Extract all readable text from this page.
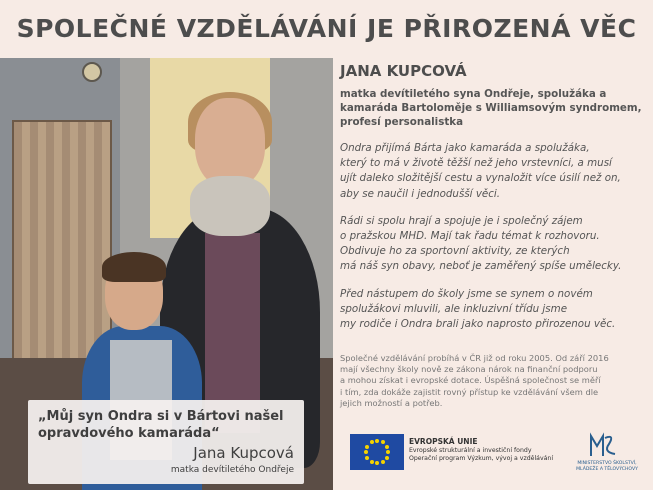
SPOLEČNÉ VZDĚLÁVÁNÍ JE PŘIROZENÁ VĚC
„Můj syn Ondra si v Bártovi našel opravdového kamaráda“
Jana Kupcová
matka devítiletého Ondřeje
JANA KUPCOVÁ
matka devítiletého syna Ondřeje, spolužáka a kamaráda Bartoloměje s Williamsovým syndromem, profesí personalistka
Ondra přijímá Bárta jako kamaráda a spolužáka,
který to má v životě těžší než jeho vrstevníci, a musí
ujít daleko složitější cestu a vynaložit více úsilí než on,
aby se naučil i jednodušší věci.
Rádi si spolu hrají a spojuje je i společný zájem
o pražskou MHD. Mají tak řadu témat k rozhovoru.
Obdivuje ho za sportovní aktivity, ze kterých
má náš syn obavy, neboť je zaměřený spíše umělecky.
Před nástupem do školy jsme se synem o novém
spolužákovi mluvili, ale inkluzivní třídu jsme
my rodiče i Ondra brali jako naprosto přirozenou věc.
Společné vzdělávání probíhá v ČR již od roku 2005. Od září 2016
mají všechny školy nově ze zákona nárok na finanční podporu
a mohou získat i evropské dotace. Úspěšná společnost se měří
i tím, zda dokáže zajistit rovný přístup ke vzdělávání všem dle
jejich možností a potřeb.
EVROPSKÁ UNIE
Evropské strukturální a investiční fondy
Operační program Výzkum, vývoj a vzdělávání
MINISTERSTVO ŠKOLSTVÍ,
MLÁDEŽE A TĚLOVÝCHOVY
